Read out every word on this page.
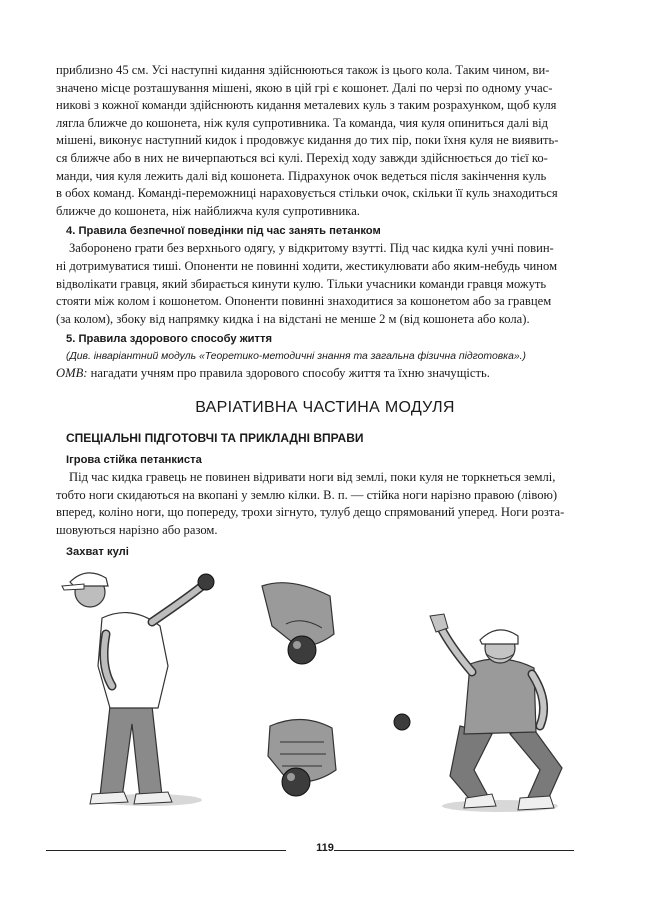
приблизно 45 см. Усі наступні кидання здійснюються також із цього кола. Таким чином, ви-
значено місце розташування мішені, якою в цій грі є кошонет. Далі по черзі по одному учас-
никові з кожної команди здійснюють кидання металевих куль з таким розрахунком, щоб куля
лягла ближче до кошонета, ніж куля супротивника. Та команда, чия куля опиниться далі від
мішені, виконує наступний кидок і продовжує кидання до тих пір, поки їхня куля не виявить-
ся ближче або в них не вичерпаються всі кулі. Перехід ходу завжди здійснюється до тієї ко-
манди, чия куля лежить далі від кошонета. Підрахунок очок ведеться після закінчення куль
в обох команд. Команді-переможниці нараховується стільки очок, скільки її куль знаходиться
ближче до кошонета, ніж найближча куля супротивника.

4. Правила безпечної поведінки під час занять петанком

Заборонено грати без верхнього одягу, у відкритому взутті. Під час кидка кулі учні повин-
ні дотримуватися тиші. Опоненти не повинні ходити, жестикулювати або яким-небудь чином
відволікати гравця, який збирається кинути кулю. Тільки учасники команди гравця можуть
стояти між колом і кошонетом. Опоненти повинні знаходитися за кошонетом або за гравцем
(за колом), збоку від напрямку кидка і на відстані не менше 2 м (від кошонета або кола).

5. Правила здорового способу життя
(Див. інваріантний модуль «Теоретико-методичні знання та загальна фізична підготовка».)

ОМВ: нагадати учням про правила здорового способу життя та їхню значущість.

ВАРІАТИВНА ЧАСТИНА МОДУЛЯ
СПЕЦІАЛЬНІ ПІДГОТОВЧІ ТА ПРИКЛАДНІ ВПРАВИ
Ігрова стійка петанкиста

Під час кидка гравець не повинен відривати ноги від землі, поки куля не торкнеться землі,
тобто ноги скидаються на вкопані у землю кілки. В. п. — стійка ноги нарізно правою (лівою)
вперед, коліно ноги, що попереду, трохи зігнуто, тулуб дещо спрямований уперед. Ноги розта-
шовуються нарізно або разом.

Захват кулі
119
